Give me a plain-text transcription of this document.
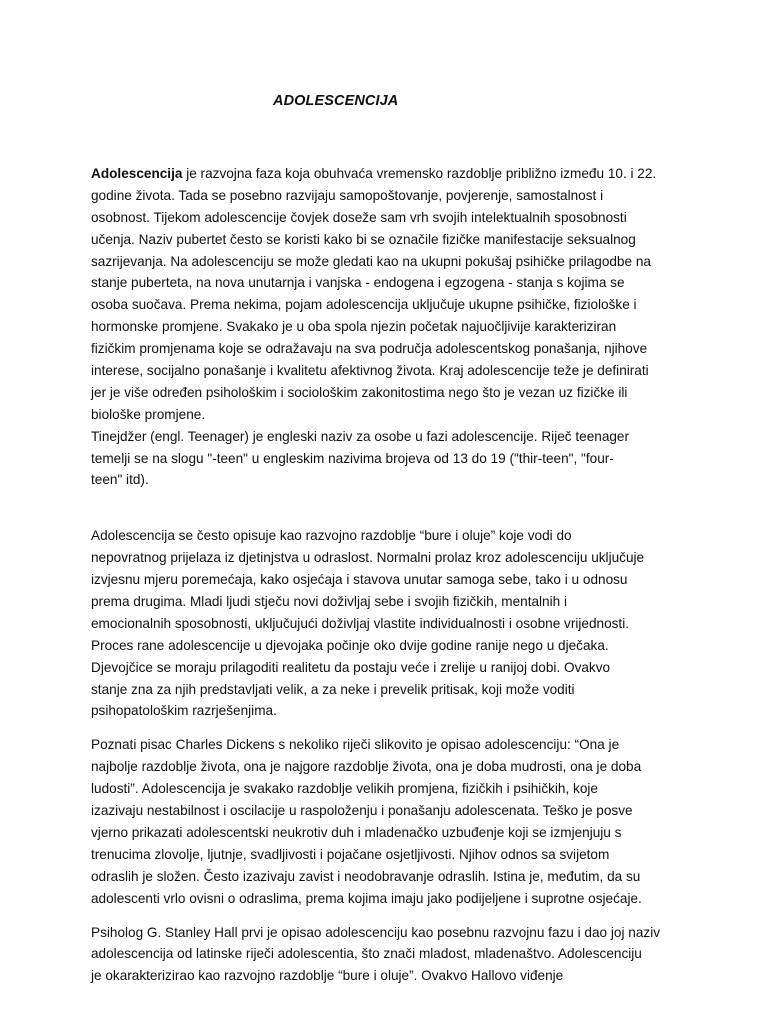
ADOLESCENCIJA
Adolescencija je razvojna faza koja obuhvaća vremensko razdoblje približno između 10. i 22.
godine života. Tada se posebno razvijaju samopoštovanje, povjerenje, samostalnost i
osobnost. Tijekom adolescencije čovjek doseže sam vrh svojih intelektualnih sposobnosti
učenja. Naziv pubertet često se koristi kako bi se označile fizičke manifestacije seksualnog
sazrijevanja. Na adolescenciju se može gledati kao na ukupni pokušaj psihičke prilagodbe na
stanje puberteta, na nova unutarnja i vanjska - endogena i egzogena - stanja s kojima se
osoba suočava. Prema nekima, pojam adolescencija uključuje ukupne psihičke, fiziološke i
hormonske promjene. Svakako je u oba spola njezin početak najuočljivije karakteriziran
fizičkim promjenama koje se odražavaju na sva područja adolescentskog ponašanja, njihove
interese, socijalno ponašanje i kvalitetu afektivnog života. Kraj adolescencije teže je definirati
jer je više određen psihološkim i sociološkim zakonitostima nego što je vezan uz fizičke ili
biološke promjene.
Tinejdžer (engl. Teenager) je engleski naziv za osobe u fazi adolescencije. Riječ teenager
temelji se na slogu "-teen" u engleskim nazivima brojeva od 13 do 19 ("thir-teen", "four-
teen" itd).
Adolescencija se često opisuje kao razvojno razdoblje “bure i oluje” koje vodi do
nepovratnog prijelaza iz djetinjstva u odraslost. Normalni prolaz kroz adolescenciju uključuje
izvjesnu mjeru poremećaja, kako osjećaja i stavova unutar samoga sebe, tako i u odnosu
prema drugima. Mladi ljudi stječu novi doživljaj sebe i svojih fizičkih, mentalnih i
emocionalnih sposobnosti, uključujući doživljaj vlastite individualnosti i osobne vrijednosti.
Proces rane adolescencije u djevojaka počinje oko dvije godine ranije nego u dječaka.
Djevojčice se moraju prilagoditi realitetu da postaju veće i zrelije u ranijoj dobi. Ovakvo
stanje zna za njih predstavljati velik, a za neke i prevelik pritisak, koji može voditi
psihopatološkim razrješenjima.
Poznati pisac Charles Dickens s nekoliko riječi slikovito je opisao adolescenciju: “Ona je
najbolje razdoblje života, ona je najgore razdoblje života, ona je doba mudrosti, ona je doba
ludosti”. Adolescencija je svakako razdoblje velikih promjena, fizičkih i psihičkih, koje
izazivaju nestabilnost i oscilacije u raspoloženju i ponašanju adolescenata. Teško je posve
vjerno prikazati adolescentski neukrotiv duh i mladenačko uzbuđenje koji se izmjenjuju s
trenucima zlovolje, ljutnje, svadljivosti i pojačane osjetljivosti. Njihov odnos sa svijetom
odraslih je složen. Često izazivaju zavist i neodobravanje odraslih. Istina je, međutim, da su
adolescenti vrlo ovisni o odraslima, prema kojima imaju jako podijeljene i suprotne osjećaje.
Psiholog G. Stanley Hall prvi je opisao adolescenciju kao posebnu razvojnu fazu i dao joj naziv
adolescencija od latinske riječi adolescentia, što znači mladost, mladenaštvo. Adolescenciju
je okarakterizirao kao razvojno razdoblje “bure i oluje”. Ovakvo Hallovo viđenje
